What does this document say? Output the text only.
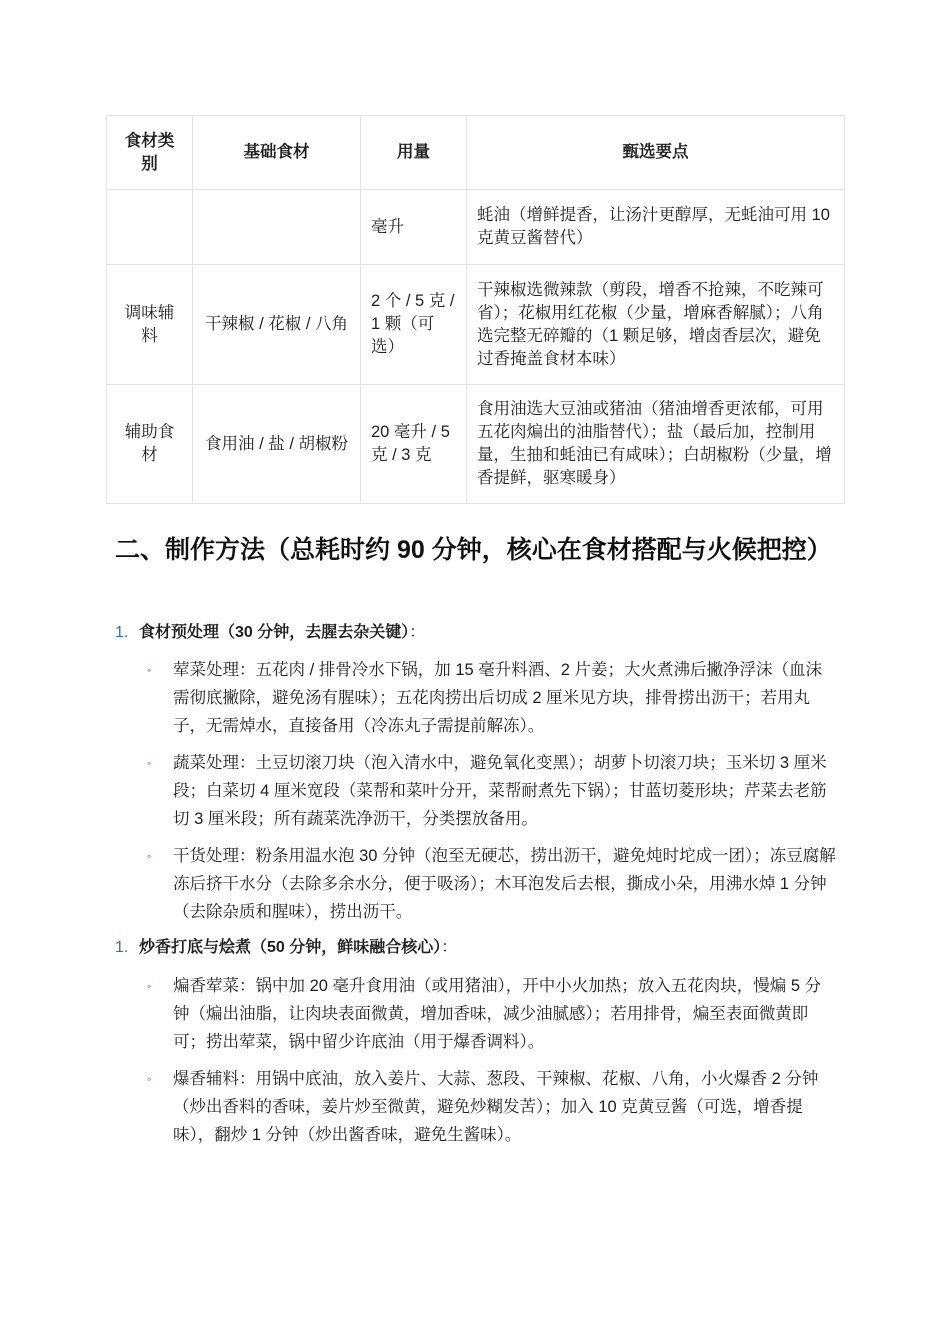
食材类别	基础食材	用量	甄选要点
		毫升	蚝油（增鲜提香，让汤汁更醇厚，无蚝油可用 10 克黄豆酱替代）
调味辅料	干辣椒 / 花椒 / 八角	2 个 / 5 克 / 1 颗（可选）	干辣椒选微辣款（剪段，增香不抢辣，不吃辣可省）；花椒用红花椒（少量，增麻香解腻）；八角选完整无碎瓣的（1 颗足够，增卤香层次，避免过香掩盖食材本味）
辅助食材	食用油 / 盐 / 胡椒粉	20 毫升 / 5 克 / 3 克	食用油选大豆油或猪油（猪油增香更浓郁，可用五花肉煸出的油脂替代）；盐（最后加，控制用量，生抽和蚝油已有咸味）；白胡椒粉（少量，增香提鲜，驱寒暖身）
二、制作方法（总耗时约 90 分钟，核心在食材搭配与火候把控）
1. 食材预处理（30 分钟，去腥去杂关键）：
◦ 荤菜处理：五花肉 / 排骨冷水下锅，加 15 毫升料酒、2 片姜；大火煮沸后撇净浮沫（血沫需彻底撇除，避免汤有腥味）；五花肉捞出后切成 2 厘米见方块，排骨捞出沥干；若用丸子，无需焯水，直接备用（冷冻丸子需提前解冻）。
◦ 蔬菜处理：土豆切滚刀块（泡入清水中，避免氧化变黑）；胡萝卜切滚刀块；玉米切 3 厘米段；白菜切 4 厘米宽段（菜帮和菜叶分开，菜帮耐煮先下锅）；甘蓝切菱形块；芹菜去老筋切 3 厘米段；所有蔬菜洗净沥干，分类摆放备用。
◦ 干货处理：粉条用温水泡 30 分钟（泡至无硬芯，捞出沥干，避免炖时坨成一团）；冻豆腐解冻后挤干水分（去除多余水分，便于吸汤）；木耳泡发后去根，撕成小朵，用沸水焯 1 分钟（去除杂质和腥味），捞出沥干。
1. 炒香打底与烩煮（50 分钟，鲜味融合核心）：
◦ 煸香荤菜：锅中加 20 毫升食用油（或用猪油），开中小火加热；放入五花肉块，慢煸 5 分钟（煸出油脂，让肉块表面微黄，增加香味，减少油腻感）；若用排骨，煸至表面微黄即可；捞出荤菜，锅中留少许底油（用于爆香调料）。
◦ 爆香辅料：用锅中底油，放入姜片、大蒜、葱段、干辣椒、花椒、八角，小火爆香 2 分钟（炒出香料的香味，姜片炒至微黄，避免炒糊发苦）；加入 10 克黄豆酱（可选，增香提味），翻炒 1 分钟（炒出酱香味，避免生酱味）。
